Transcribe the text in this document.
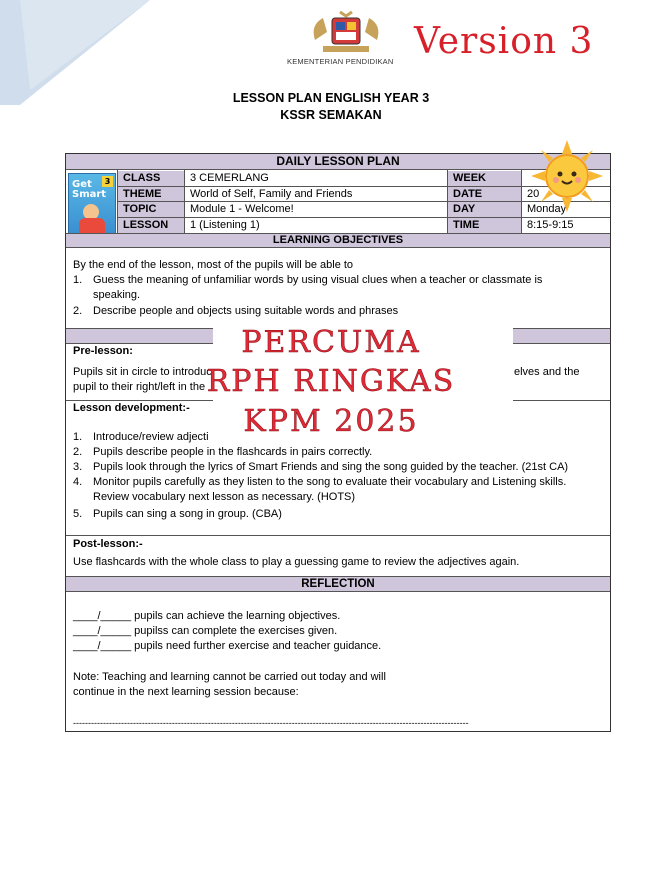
KEMENTERIAN PENDIDIKAN Version 3
LESSON PLAN ENGLISH YEAR 3
KSSR SEMAKAN
DAILY LESSON PLAN
Get
Smart
3	CLASS	3 CEMERLANG	WEEK
THEME	World of Self, Family and Friends	DATE	20
TOPIC	Module 1 - Welcome!	DAY	Monday
LESSON	1 (Listening 1)	TIME	8:15-9:15
LEARNING OBJECTIVES
By the end of the lesson, most of the pupils will be able to
1. Guess the meaning of unfamiliar words by using visual clues when a teacher or classmate is
speaking.
2. Describe people and objects using suitable words and phrases
Pre-lesson:
Pupils sit in circle to introduc	elves and the
pupil to their right/left in the
Lesson development:-
1. Introduce/review adjecti
2. Pupils describe people in the flashcards in pairs correctly.
3. Pupils look through the lyrics of Smart Friends and sing the song guided by the teacher. (21st CA)
4. Monitor pupils carefully as they listen to the song to evaluate their vocabulary and Listening skills.
Review vocabulary next lesson as necessary. (HOTS)
5. Pupils can sing a song in group. (CBA)
Post-lesson:-
Use flashcards with the whole class to play a guessing game to review the adjectives again.
REFLECTION
____/_____ pupils can achieve the learning objectives.
____/_____ pupilss can complete the exercises given.
____/_____ pupils need further exercise and teacher guidance.
Note: Teaching and learning cannot be carried out today and will
continue in the next learning session because:
------------------------------------------------------------------------------------------------------------------------------------
PERCUMA
RPH RINGKAS
KPM 2025
